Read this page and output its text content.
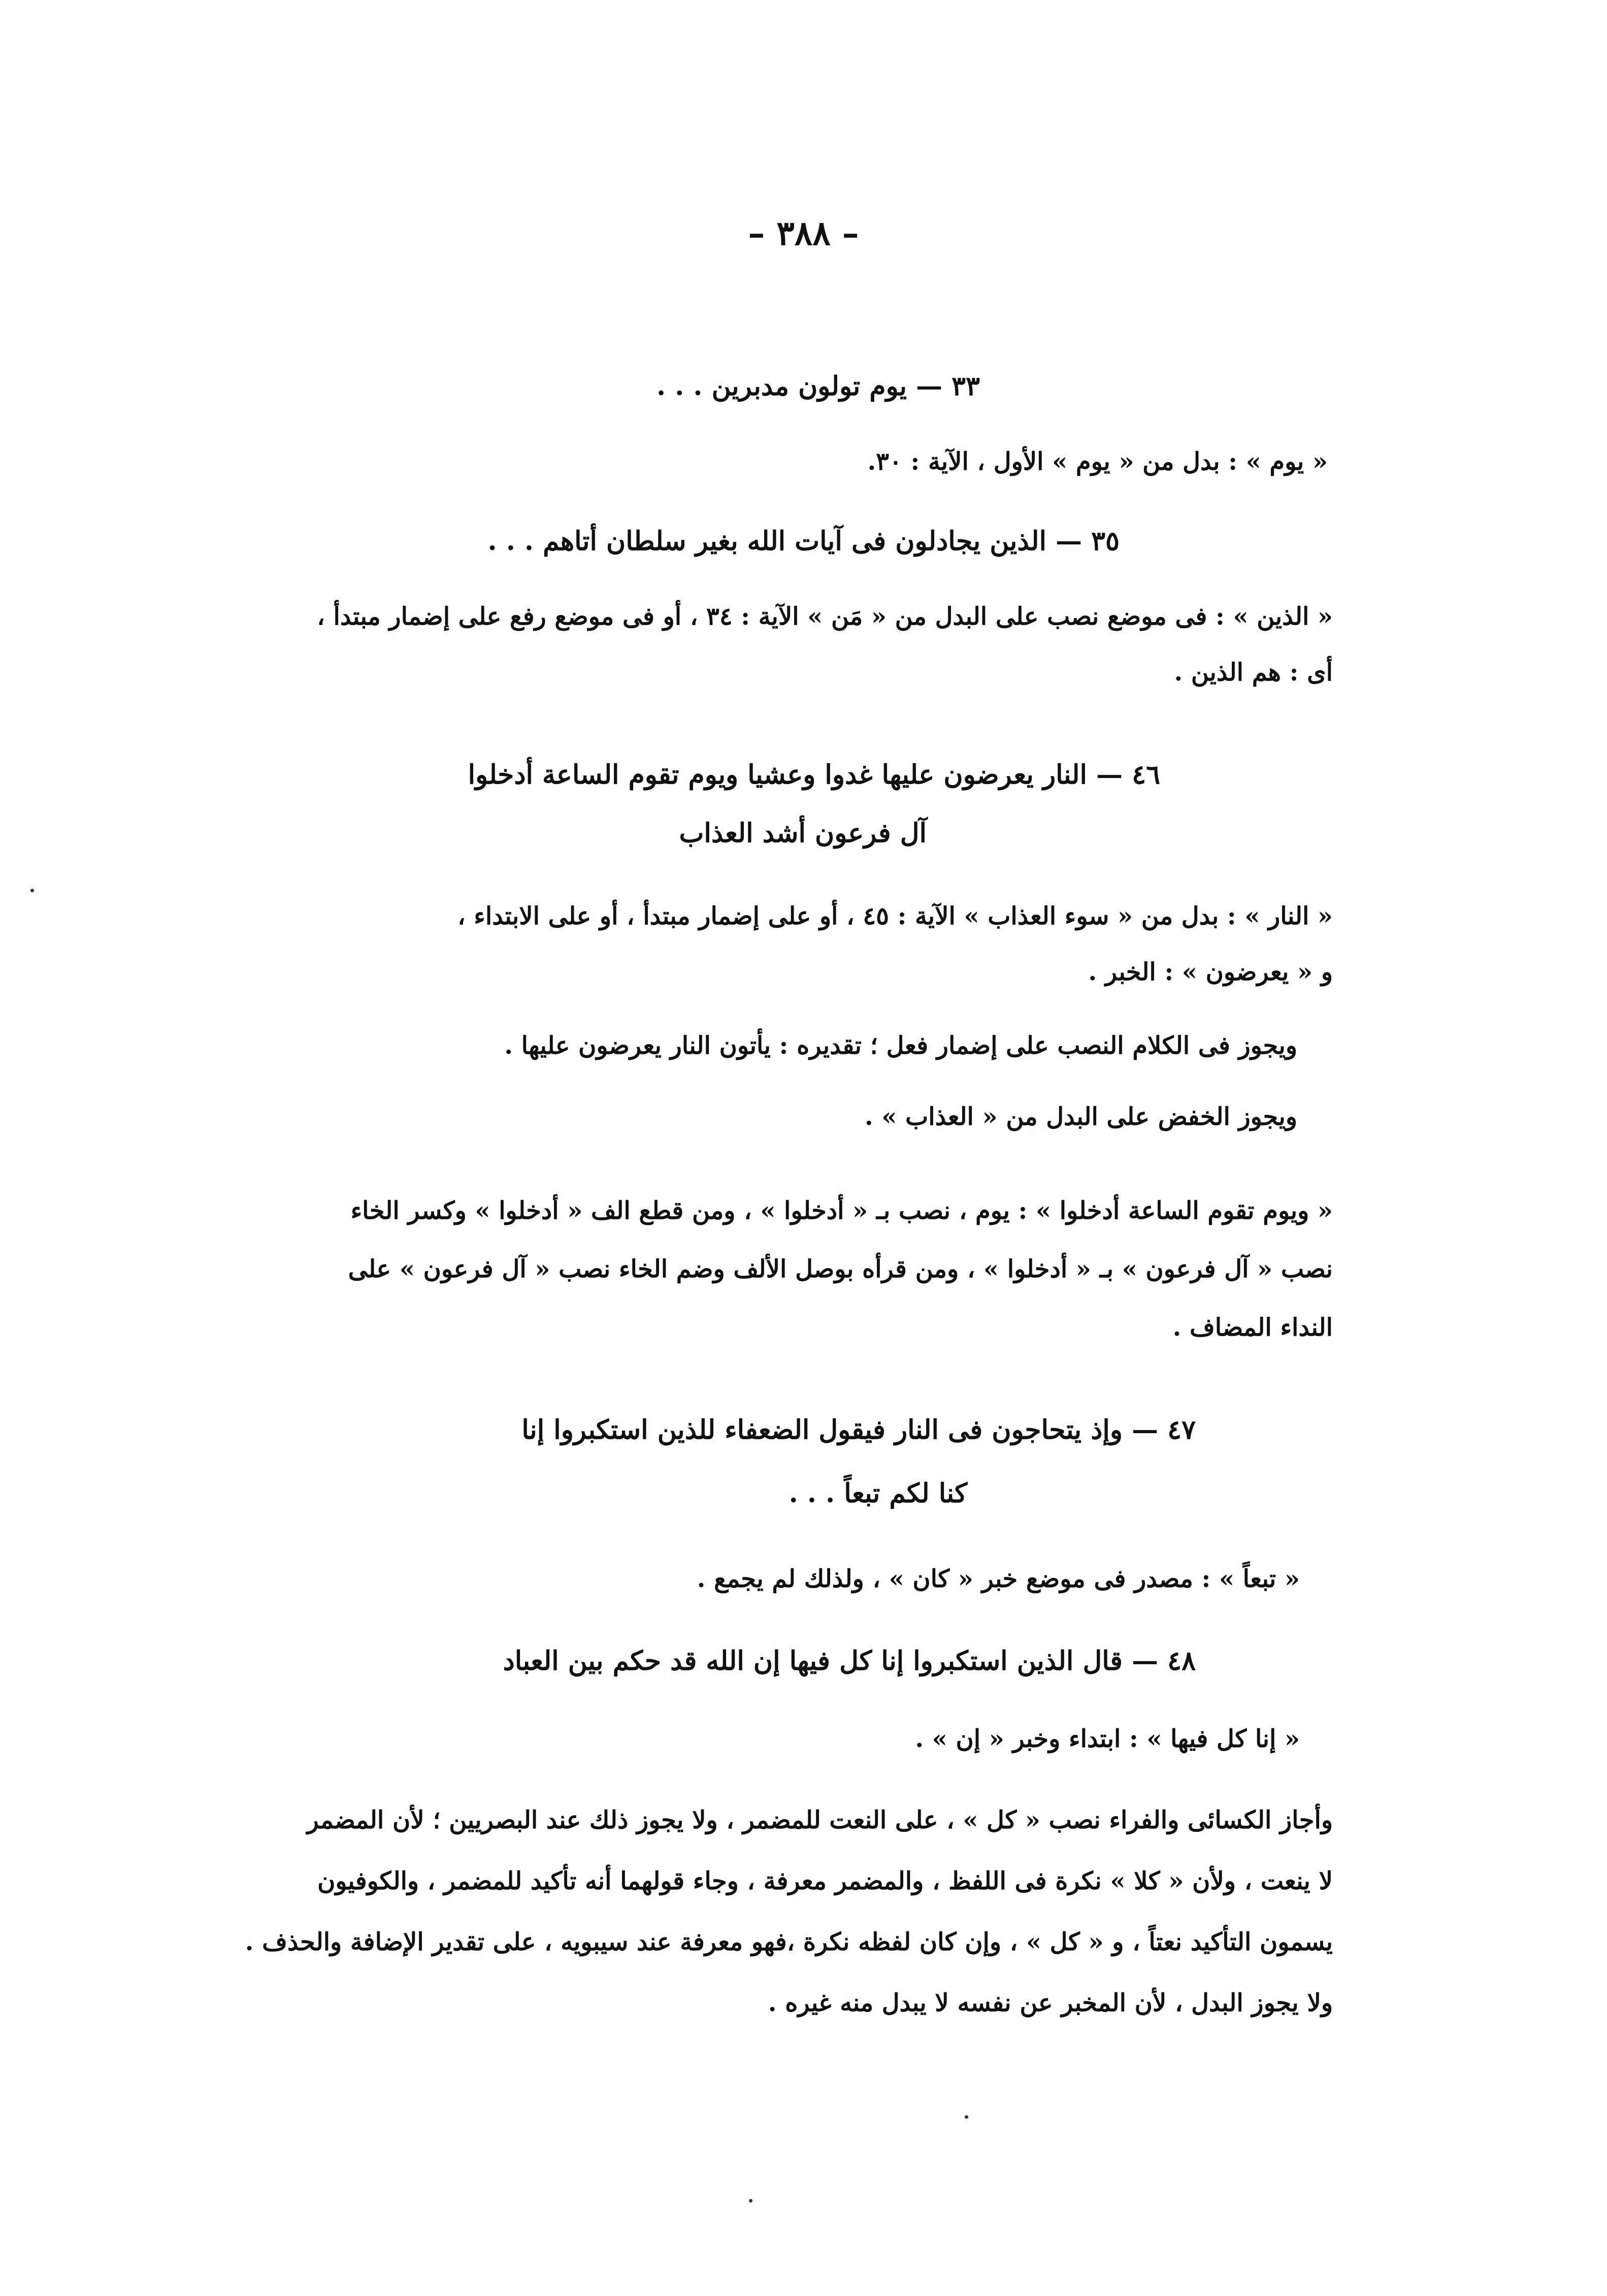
– ٣٨٨ –
٣٣ — يوم تولون مدبرين . . .
« يوم » : بدل من « يوم » الأول ، الآية : ٣٠.
٣٥ — الذين يجادلون فى آيات الله بغير سلطان أتاهم . . .
« الذين » : فى موضع نصب على البدل من « مَن » الآية : ٣٤ ، أو فى موضع رفع على إضمار مبتدأ ،
أى : هم الذين .
٤٦ — النار يعرضون عليها غدوا وعشيا ويوم تقوم الساعة أدخلوا
آل فرعون أشد العذاب
« النار » : بدل من « سوء العذاب » الآية : ٤٥ ، أو على إضمار مبتدأ ، أو على الابتداء ،
و « يعرضون » : الخبر .
ويجوز فى الكلام النصب على إضمار فعل ؛ تقديره : يأتون النار يعرضون عليها .
ويجوز الخفض على البدل من « العذاب » .
« ويوم تقوم الساعة أدخلوا » : يوم ، نصب بـ « أدخلوا » ، ومن قطع الف « أدخلوا » وكسر الخاء
نصب « آل فرعون » بـ « أدخلوا » ، ومن قرأه بوصل الألف وضم الخاء نصب « آل فرعون » على
النداء المضاف .
٤٧ — وإذ يتحاجون فى النار فيقول الضعفاء للذين استكبروا إنا
كنا لكم تبعاً . . .
« تبعاً » : مصدر فى موضع خبر « كان » ، ولذلك لم يجمع .
٤٨ — قال الذين استكبروا إنا كل فيها إن الله قد حكم بين العباد
« إنا كل فيها » : ابتداء وخبر « إن » .
وأجاز الكسائى والفراء نصب « كل » ، على النعت للمضمر ، ولا يجوز ذلك عند البصريين ؛ لأن المضمر
لا ينعت ، ولأن « كلا » نكرة فى اللفظ ، والمضمر معرفة ، وجاء قولهما أنه تأكيد للمضمر ، والكوفيون
يسمون التأكيد نعتاً ، و « كل » ، وإن كان لفظه نكرة ،فهو معرفة عند سيبويه ، على تقدير الإضافة والحذف .
ولا يجوز البدل ، لأن المخبر عن نفسه لا يبدل منه غيره .
